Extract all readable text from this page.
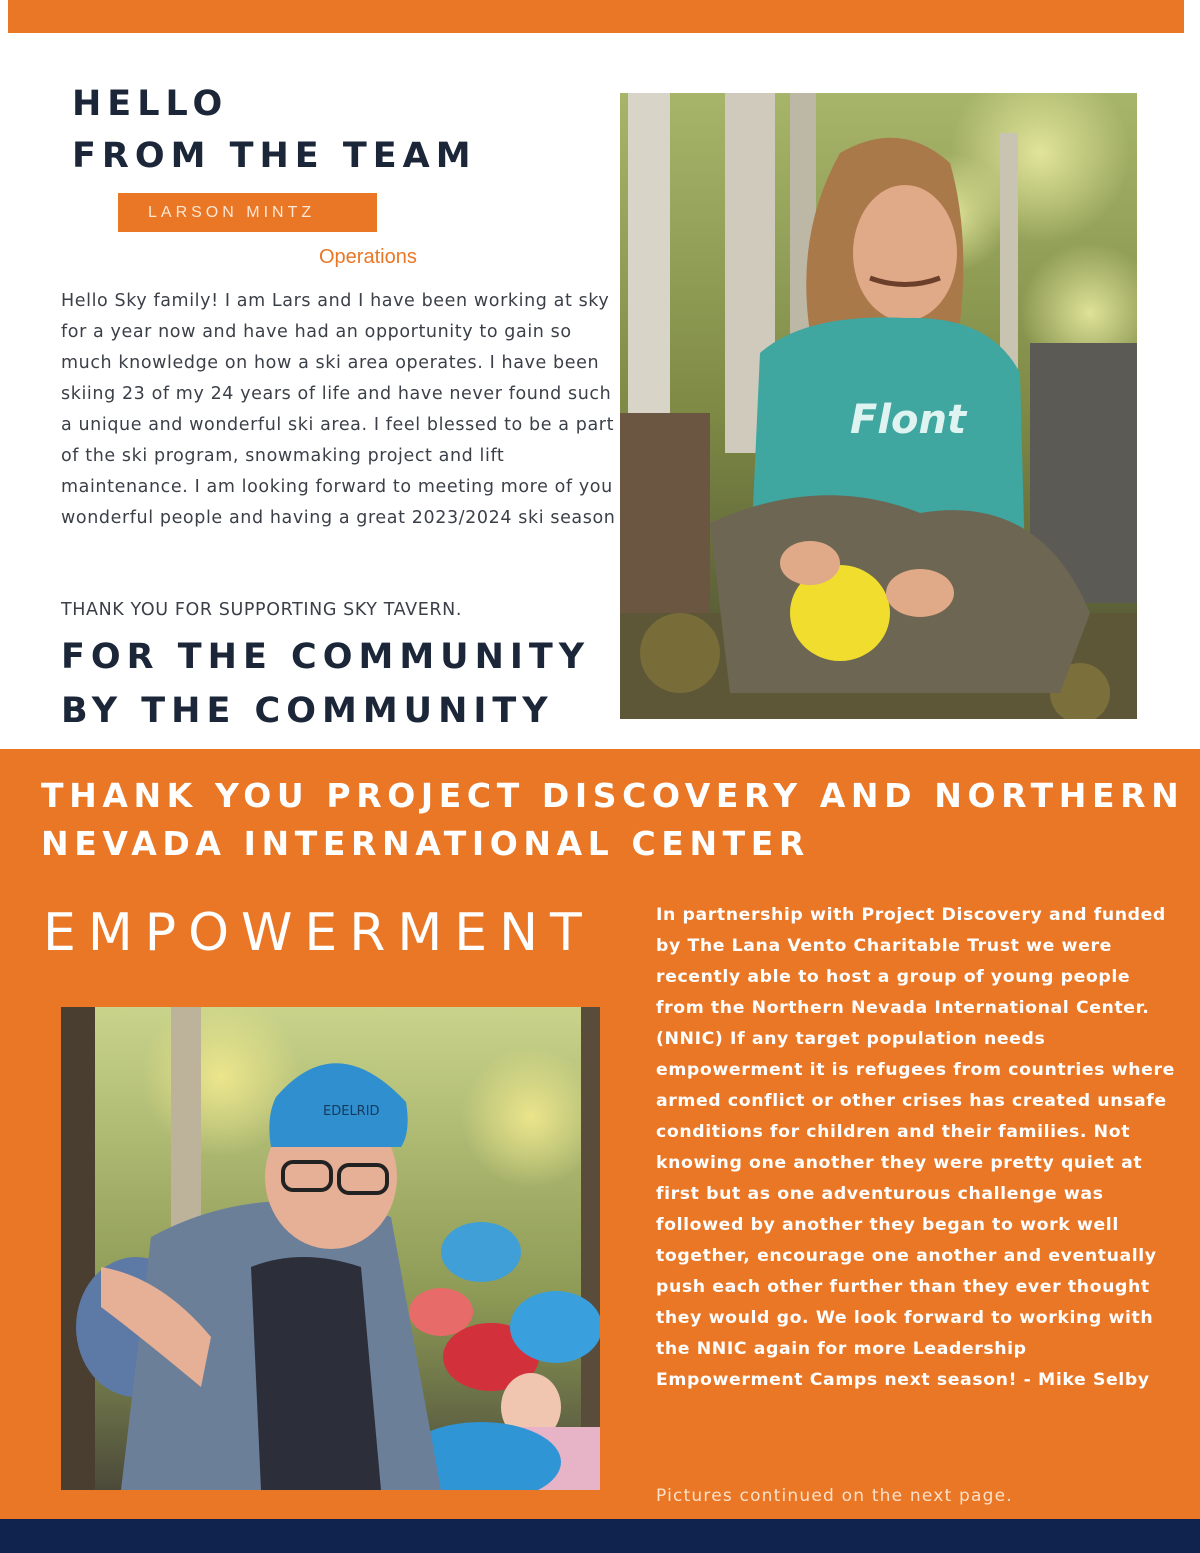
HELLO
FROM THE TEAM
LARSON MINTZ
Operations

Hello Sky family! I am Lars and I have been working at sky for a year now and have had an opportunity to gain so much knowledge on how a ski area operates. I have been skiing 23 of my 24 years of life and have never found such a unique and wonderful ski area. I feel blessed to be a part of the ski program, snowmaking project and lift maintenance. I am looking forward to meeting more of you wonderful people and having a great 2023/2024 ski season

THANK YOU FOR SUPPORTING SKY TAVERN.
FOR THE COMMUNITY
BY THE COMMUNITY
Flont
THANK YOU PROJECT DISCOVERY AND NORTHERN
NEVADA INTERNATIONAL CENTER
EMPOWERMENT
EDELRID

In partnership with Project Discovery and funded by The Lana Vento Charitable Trust we were recently able to host a group of young people from the Northern Nevada International Center. (NNIC) If any target population needs empowerment it is refugees from countries where armed conflict or other crises has created unsafe conditions for children and their families. Not knowing one another they were pretty quiet at first but as one adventurous challenge was followed by another they began to work well together, encourage one another and eventually push each other further than they ever thought they would go. We look forward to working with the NNIC again for more Leadership Empowerment Camps next season! - Mike Selby

Pictures continued on the next page.
